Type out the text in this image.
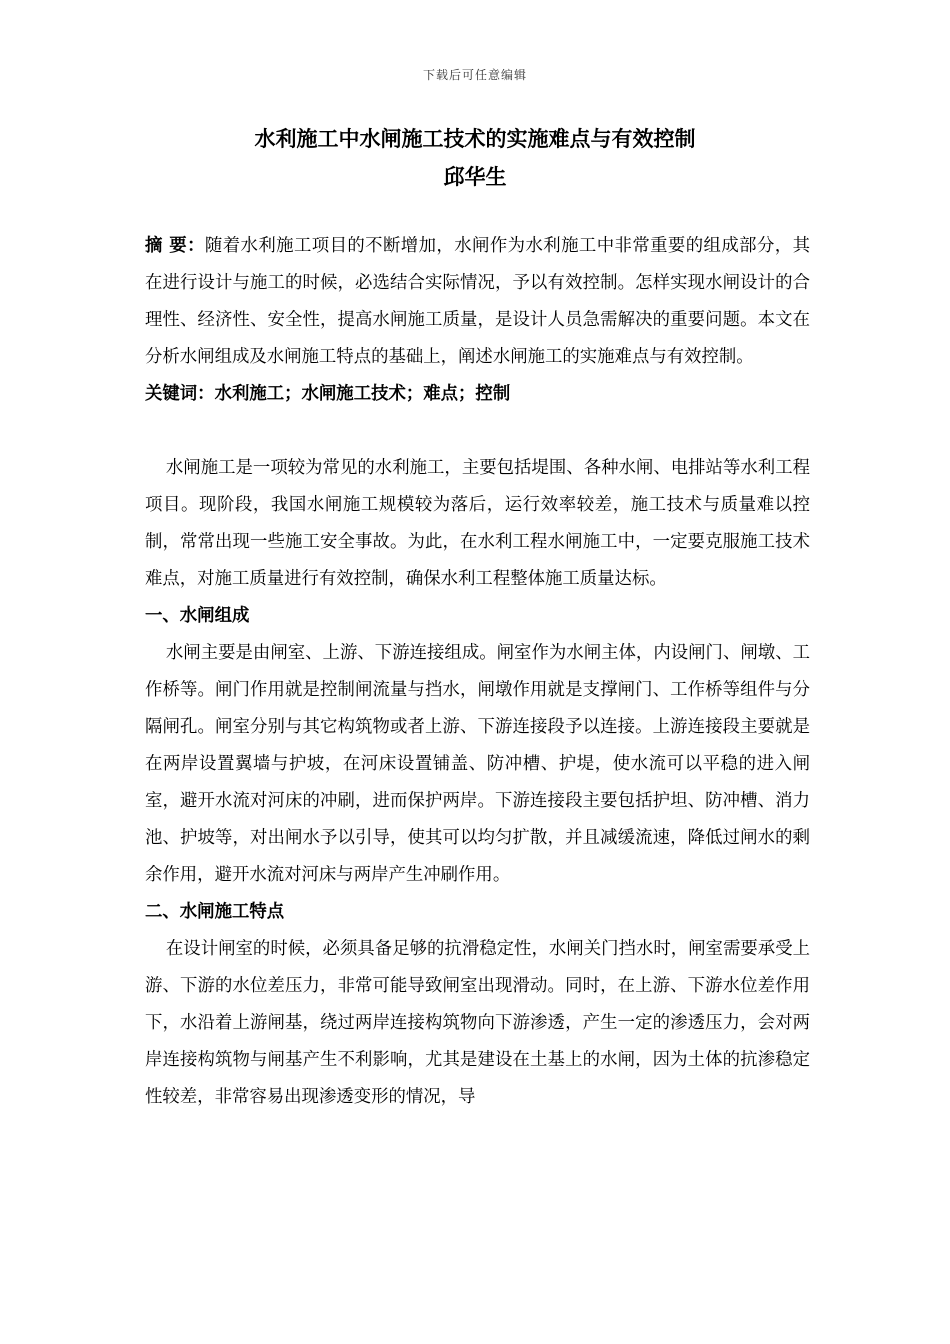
下载后可任意编辑

水利施工中水闸施工技术的实施难点与有效控制

邱华生

摘 要：随着水利施工项目的不断增加，水闸作为水利施工中非常重要的组成部分，其在进行设计与施工的时候，必选结合实际情况，予以有效控制。怎样实现水闸设计的合理性、经济性、安全性，提高水闸施工质量，是设计人员急需解决的重要问题。本文在分析水闸组成及水闸施工特点的基础上，阐述水闸施工的实施难点与有效控制。

关键词：水利施工；水闸施工技术；难点；控制

水闸施工是一项较为常见的水利施工，主要包括堤围、各种水闸、电排站等水利工程项目。现阶段，我国水闸施工规模较为落后，运行效率较差，施工技术与质量难以控制，常常出现一些施工安全事故。为此，在水利工程水闸施工中，一定要克服施工技术难点，对施工质量进行有效控制，确保水利工程整体施工质量达标。

一、水闸组成

水闸主要是由闸室、上游、下游连接组成。闸室作为水闸主体，内设闸门、闸墩、工作桥等。闸门作用就是控制闸流量与挡水，闸墩作用就是支撑闸门、工作桥等组件与分隔闸孔。闸室分别与其它构筑物或者上游、下游连接段予以连接。上游连接段主要就是在两岸设置翼墙与护坡，在河床设置铺盖、防冲槽、护堤，使水流可以平稳的进入闸室，避开水流对河床的冲刷，进而保护两岸。下游连接段主要包括护坦、防冲槽、消力池、护坡等，对出闸水予以引导，使其可以均匀扩散，并且减缓流速，降低过闸水的剩余作用，避开水流对河床与两岸产生冲刷作用。

二、水闸施工特点

在设计闸室的时候，必须具备足够的抗滑稳定性，水闸关门挡水时，闸室需要承受上游、下游的水位差压力，非常可能导致闸室出现滑动。同时，在上游、下游水位差作用下，水沿着上游闸基，绕过两岸连接构筑物向下游渗透，产生一定的渗透压力，会对两岸连接构筑物与闸基产生不利影响，尤其是建设在土基上的水闸，因为土体的抗渗稳定性较差，非常容易出现渗透变形的情况，导
